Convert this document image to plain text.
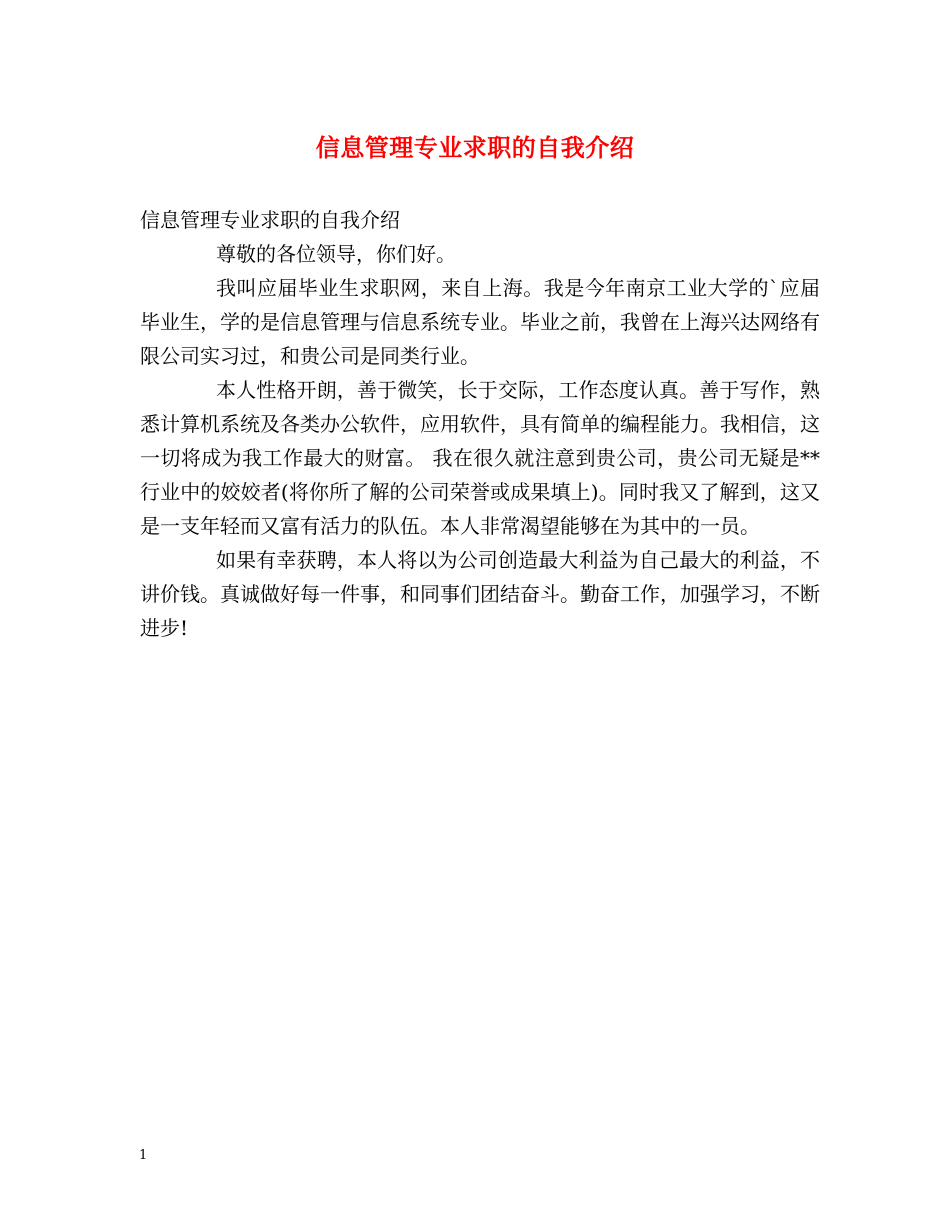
信息管理专业求职的自我介绍

信息管理专业求职的自我介绍

尊敬的各位领导，你们好。

我叫应届毕业生求职网，来自上海。我是今年南京工业大学的`应届毕业生，学的是信息管理与信息系统专业。毕业之前，我曾在上海兴达网络有限公司实习过，和贵公司是同类行业。

本人性格开朗，善于微笑，长于交际，工作态度认真。善于写作，熟悉计算机系统及各类办公软件，应用软件，具有简单的编程能力。我相信，这一切将成为我工作最大的财富。 我在很久就注意到贵公司，贵公司无疑是**行业中的姣姣者(将你所了解的公司荣誉或成果填上)。同时我又了解到，这又是一支年轻而又富有活力的队伍。本人非常渴望能够在为其中的一员。

如果有幸获聘，本人将以为公司创造最大利益为自己最大的利益，不讲价钱。真诚做好每一件事，和同事们团结奋斗。勤奋工作，加强学习，不断进步!

1
